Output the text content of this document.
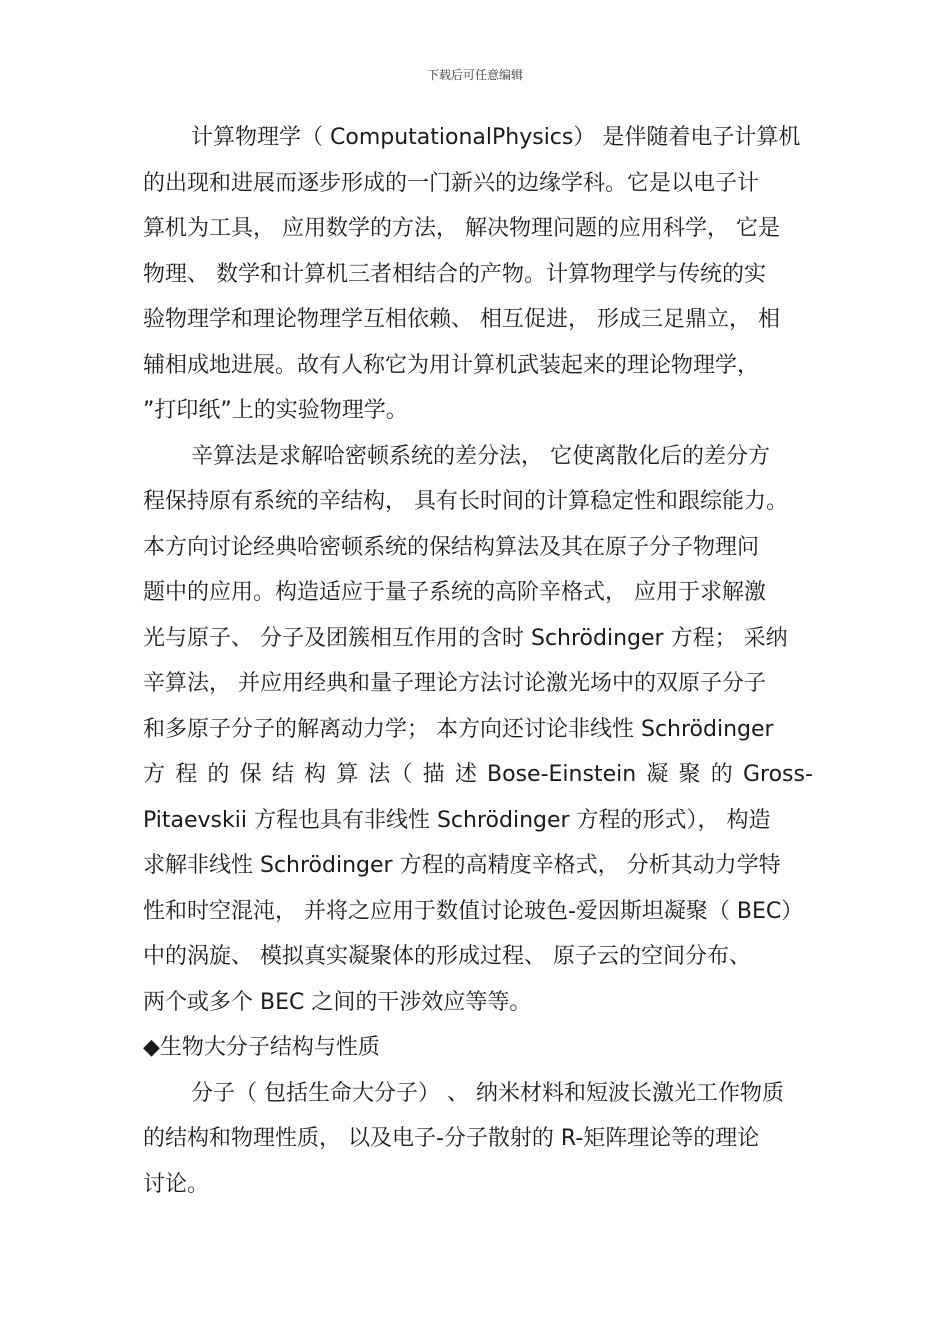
下载后可任意编辑
计算物理学（ ComputationalPhysics） 是伴随着电子计算机
的出现和进展而逐步形成的一门新兴的边缘学科。它是以电子计
算机为工具， 应用数学的方法， 解决物理问题的应用科学， 它是
物理、 数学和计算机三者相结合的产物。计算物理学与传统的实
验物理学和理论物理学互相依赖、 相互促进， 形成三足鼎立， 相
辅相成地进展。故有人称它为用计算机武装起来的理论物理学，
”打印纸”上的实验物理学。
辛算法是求解哈密顿系统的差分法， 它使离散化后的差分方
程保持原有系统的辛结构， 具有长时间的计算稳定性和跟综能力。
本方向讨论经典哈密顿系统的保结构算法及其在原子分子物理问
题中的应用。构造适应于量子系统的高阶辛格式， 应用于求解激
光与原子、 分子及团簇相互作用的含时 Schrödinger 方程； 采纳
辛算法， 并应用经典和量子理论方法讨论激光场中的双原子分子
和多原子分子的解离动力学； 本方向还讨论非线性 Schrödinger
方 程 的 保 结 构 算 法（ 描 述 Bose-Einstein 凝 聚 的 Gross-
Pitaevskii 方程也具有非线性 Schrödinger 方程的形式）， 构造
求解非线性 Schrödinger 方程的高精度辛格式， 分析其动力学特
性和时空混沌， 并将之应用于数值讨论玻色-爱因斯坦凝聚（ BEC）
中的涡旋、 模拟真实凝聚体的形成过程、 原子云的空间分布、
两个或多个 BEC 之间的干涉效应等等。
◆生物大分子结构与性质
分子（ 包括生命大分子） 、 纳米材料和短波长激光工作物质
的结构和物理性质， 以及电子-分子散射的 R-矩阵理论等的理论
讨论。
